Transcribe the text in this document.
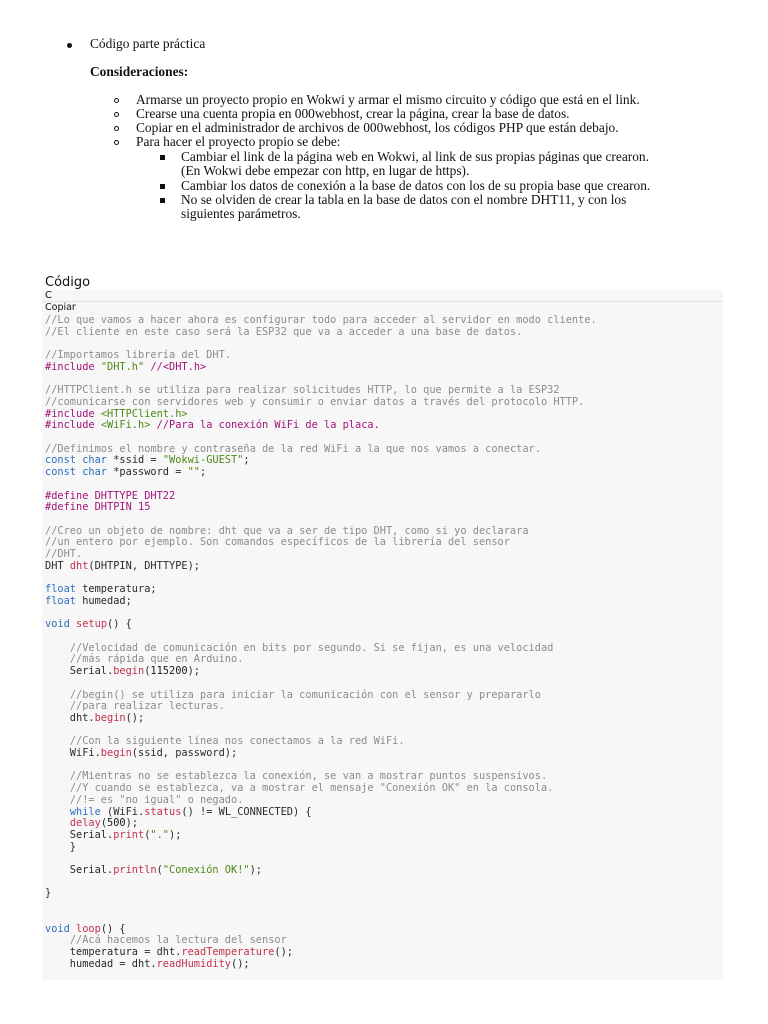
Código parte práctica
Consideraciones:
Armarse un proyecto propio en Wokwi y armar el mismo circuito y código que está en el link.
Crearse una cuenta propia en 000webhost, crear la página, crear la base de datos.
Copiar en el administrador de archivos de 000webhost, los códigos PHP que están debajo.
Para hacer el proyecto propio se debe:
Cambiar el link de la página web en Wokwi, al link de sus propias páginas que crearon.
(En Wokwi debe empezar con http, en lugar de https).
Cambiar los datos de conexión a la base de datos con los de su propia base que crearon.
No se olviden de crear la tabla en la base de datos con el nombre DHT11, y con los
siguientes parámetros.
Código
C
Copiar
//Lo que vamos a hacer ahora es configurar todo para acceder al servidor en modo cliente.
//El cliente en este caso será la ESP32 que va a acceder a una base de datos.

//Importamos librería del DHT.
#include "DHT.h" //<DHT.h>

//HTTPClient.h se utiliza para realizar solicitudes HTTP, lo que permite a la ESP32
//comunicarse con servidores web y consumir o enviar datos a través del protocolo HTTP.
#include <HTTPClient.h>
#include <WiFi.h> //Para la conexión WiFi de la placa.

//Definimos el nombre y contraseña de la red WiFi a la que nos vamos a conectar.
const char *ssid = "Wokwi-GUEST";
const char *password = "";

#define DHTTYPE DHT22
#define DHTPIN 15

//Creo un objeto de nombre: dht que va a ser de tipo DHT, como si yo declarara
//un entero por ejemplo. Son comandos específicos de la librería del sensor
//DHT.
DHT dht(DHTPIN, DHTTYPE);

float temperatura;
float humedad;

void setup() {

//Velocidad de comunicación en bits por segundo. Si se fijan, es una velocidad
//más rápida que en Arduino.
Serial.begin(115200);

//begin() se utiliza para iniciar la comunicación con el sensor y prepararlo
//para realizar lecturas.
dht.begin();

//Con la siguiente línea nos conectamos a la red WiFi.
WiFi.begin(ssid, password);

//Mientras no se establezca la conexión, se van a mostrar puntos suspensivos.
//Y cuando se establezca, va a mostrar el mensaje "Conexión OK" en la consola.
//!= es "no igual" o negado.
while (WiFi.status() != WL_CONNECTED) {
delay(500);
Serial.print(".");
}

Serial.println("Conexión OK!");

}

void loop() {
//Acá hacemos la lectura del sensor
temperatura = dht.readTemperature();
humedad = dht.readHumidity();
